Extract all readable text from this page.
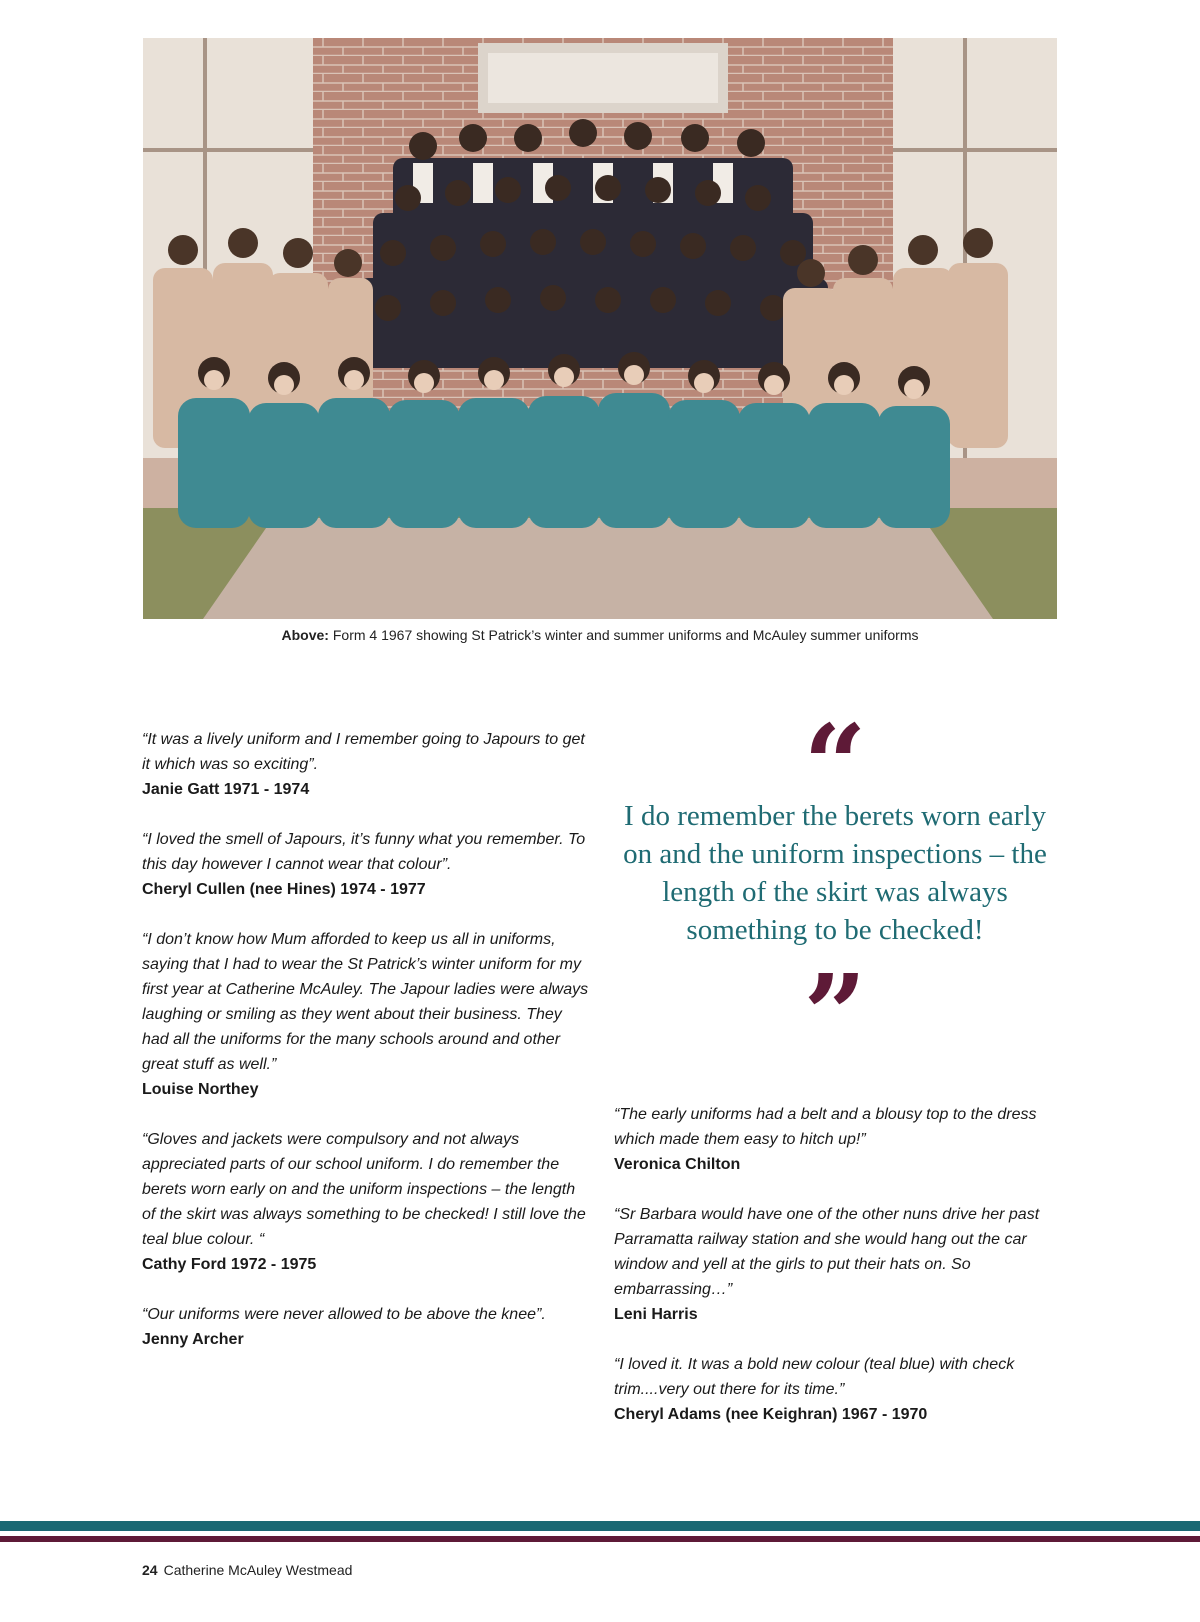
Above: Form 4 1967 showing St Patrick’s winter and summer uniforms and McAuley summer uniforms
“It was a lively uniform and I remember going to Japours to get it which was so exciting”.
Janie Gatt 1971 - 1974
“I loved the smell of Japours, it’s funny what you remember. To this day however I cannot wear that colour”.
Cheryl Cullen (nee Hines) 1974 - 1977
“I don’t know how Mum afforded to keep us all in uniforms, saying that I had to wear the St Patrick’s winter uniform for my first year at Catherine McAuley. The Japour ladies were always laughing or smiling as they went about their business. They had all the uniforms for the many schools around and other great stuff as well.”
Louise Northey
“Gloves and jackets were compulsory and not always appreciated parts of our school uniform. I do remember the berets worn early on and the uniform inspections – the length of the skirt was always something to be checked! I still love the teal blue colour. “
Cathy Ford 1972 - 1975
“Our uniforms were never allowed to be above the knee”.
Jenny Archer
“
I do remember the berets worn early on and the uniform inspections – the length of the skirt was always something to be checked!
”
“The early uniforms had a belt and a blousy top to the dress which made them easy to hitch up!”
Veronica Chilton
“Sr Barbara would have one of the other nuns drive her past Parramatta railway station and she would hang out the car window and yell at the girls to put their hats on. So embarrassing…”
Leni Harris
“I loved it. It was a bold new colour (teal blue) with check trim....very out there for its time.”
Cheryl Adams (nee Keighran) 1967 - 1970
24 Catherine McAuley Westmead
